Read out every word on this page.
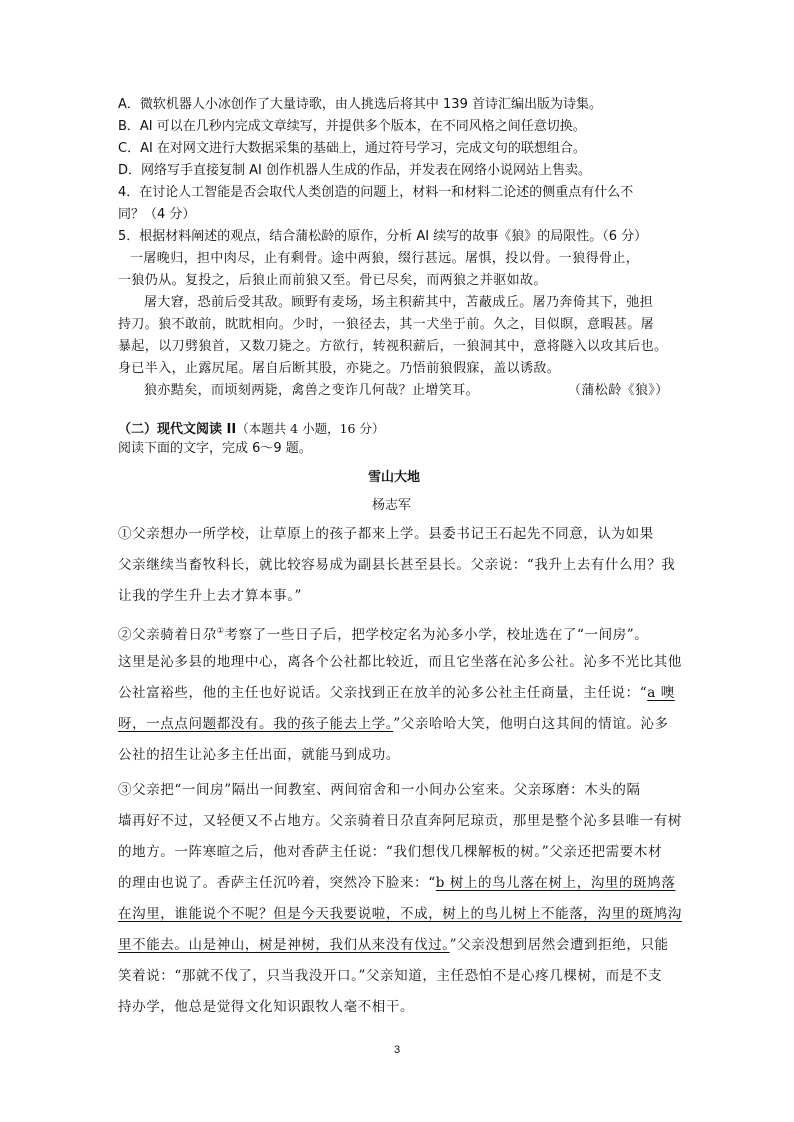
A．微软机器人小冰创作了大量诗歌，由人挑选后将其中 139 首诗汇编出版为诗集。
B．AI 可以在几秒内完成文章续写，并提供多个版本，在不同风格之间任意切换。
C．AI 在对网文进行大数据采集的基础上，通过符号学习，完成文句的联想组合。
D．网络写手直接复制 AI 创作机器人生成的作品，并发表在网络小说网站上售卖。
4．在讨论人工智能是否会取代人类创造的问题上，材料一和材料二论述的侧重点有什么不
同？（4 分）
5．根据材料阐述的观点，结合蒲松龄的原作，分析 AI 续写的故事《狼》的局限性。（6 分）
一屠晚归，担中肉尽，止有剩骨。途中两狼，缀行甚远。屠惧，投以骨。一狼得骨止，
一狼仍从。复投之，后狼止而前狼又至。骨已尽矣，而两狼之并驱如故。
屠大窘，恐前后受其敌。顾野有麦场，场主积薪其中，苫蔽成丘。屠乃奔倚其下，弛担
持刀。狼不敢前，眈眈相向。少时，一狼径去，其一犬坐于前。久之，目似瞑，意暇甚。屠
暴起，以刀劈狼首，又数刀毙之。方欲行，转视积薪后，一狼洞其中，意将隧入以攻其后也。
身已半入，止露尻尾。屠自后断其股，亦毙之。乃悟前狼假寐，盖以诱敌。
狼亦黠矣，而顷刻两毙，禽兽之变诈几何哉？止增笑耳。	（蒲松龄《狼》）
（二）现代文阅读 II（本题共 4 小题，16 分）
阅读下面的文字，完成 6～9 题。
雪山大地
杨志军
①父亲想办一所学校，让草原上的孩子都来上学。县委书记王石起先不同意，认为如果
父亲继续当畜牧科长，就比较容易成为副县长甚至县长。父亲说：“我升上去有什么用？我
让我的学生升上去才算本事。”
②父亲骑着日尕①考察了一些日子后，把学校定名为沁多小学，校址选在了“一间房”。
这里是沁多县的地理中心，离各个公社都比较近，而且它坐落在沁多公社。沁多不光比其他
公社富裕些，他的主任也好说话。父亲找到正在放羊的沁多公社主任商量，主任说：“a 噢
呀，一点点问题都没有。我的孩子能去上学。”父亲哈哈大笑，他明白这其间的情谊。沁多
公社的招生让沁多主任出面，就能马到成功。
③父亲把“一间房”隔出一间教室、两间宿舍和一小间办公室来。父亲琢磨：木头的隔
墙再好不过，又轻便又不占地方。父亲骑着日尕直奔阿尼琼贡，那里是整个沁多县唯一有树
的地方。一阵寒暄之后，他对香萨主任说：“我们想伐几棵解板的树。”父亲还把需要木材
的理由也说了。香萨主任沉吟着，突然冷下脸来：“b 树上的鸟儿落在树上，沟里的斑鸠落
在沟里，谁能说个不呢？但是今天我要说啦，不成，树上的鸟儿树上不能落，沟里的斑鸠沟
里不能去。山是神山，树是神树，我们从来没有伐过。”父亲没想到居然会遭到拒绝，只能
笑着说：“那就不伐了，只当我没开口。”父亲知道，主任恐怕不是心疼几棵树，而是不支
持办学，他总是觉得文化知识跟牧人毫不相干。
3
